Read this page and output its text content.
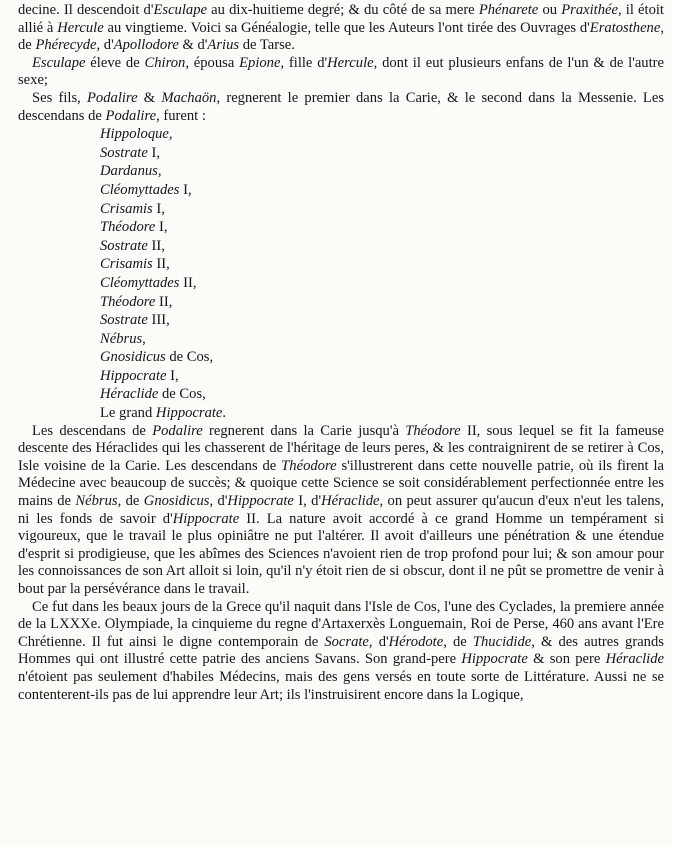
decine. Il descendoit d'Esculape au dix-huitieme degré; & du côté de sa mere Phénarete ou Praxithée, il étoit allié à Hercule au vingtieme. Voici sa Généalogie, telle que les Auteurs l'ont tirée des Ouvrages d'Eratosthene, de Phérecyde, d'Apollodore & d'Arius de Tarse.

Esculape éleve de Chiron, épousa Epione, fille d'Hercule, dont il eut plusieurs enfans de l'un & de l'autre sexe;

Ses fils, Podalire & Machaön, regnerent le premier dans la Carie, & le second dans la Messenie. Les descendans de Podalire, furent :

Hippoloque,
Sostrate I,
Dardanus,
Cléomyttades I,
Crisamis I,
Théodore I,
Sostrate II,
Crisamis II,
Cléomyttades II,
Théodore II,
Sostrate III,
Nébrus,
Gnosidicus de Cos,
Hippocrate I,
Héraclide de Cos,
Le grand Hippocrate.

Les descendans de Podalire regnerent dans la Carie jusqu'à Théodore II, sous lequel se fit la fameuse descente des Héraclides qui les chasserent de l'héritage de leurs peres, & les contraignirent de se retirer à Cos, Isle voisine de la Carie. Les descendans de Théodore s'illustrerent dans cette nouvelle patrie, où ils firent la Médecine avec beaucoup de succès; & quoique cette Science se soit considérablement perfectionnée entre les mains de Nébrus, de Gnosidicus, d'Hippocrate I, d'Héraclide, on peut assurer qu'aucun d'eux n'eut les talens, ni les fonds de savoir d'Hippocrate II. La nature avoit accordé à ce grand Homme un tempérament si vigoureux, que le travail le plus opiniâtre ne put l'altérer. Il avoit d'ailleurs une pénétration & une étendue d'esprit si prodigieuse, que les abîmes des Sciences n'avoient rien de trop profond pour lui; & son amour pour les connoissances de son Art alloit si loin, qu'il n'y étoit rien de si obscur, dont il ne pût se promettre de venir à bout par la persévérance dans le travail.

Ce fut dans les beaux jours de la Grece qu'il naquit dans l'Isle de Cos, l'une des Cyclades, la premiere année de la LXXXe. Olympiade, la cinquieme du regne d'Artaxerxès Longuemain, Roi de Perse, 460 ans avant l'Ere Chrétienne. Il fut ainsi le digne contemporain de Socrate, d'Hérodote, de Thucidide, & des autres grands Hommes qui ont illustré cette patrie des anciens Savans. Son grand-pere Hippocrate & son pere Héraclide n'étoient pas seulement d'habiles Médecins, mais des gens versés en toute sorte de Littérature. Aussi ne se contenterent-ils pas de lui apprendre leur Art; ils l'instruisirent encore dans la Logique,
